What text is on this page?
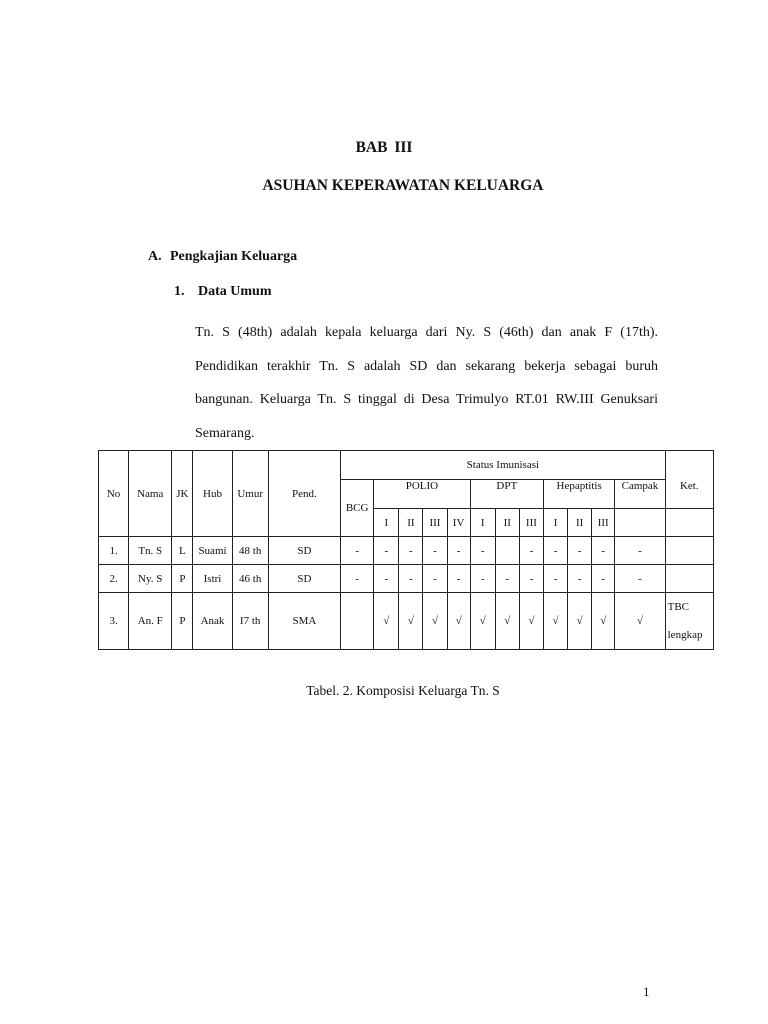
BAB III
ASUHAN KEPERAWATAN KELUARGA
A. Pengkajian Keluarga
1. Data Umum
Tn. S (48th) adalah kepala keluarga dari Ny. S (46th) dan anak F (17th). Pendidikan terakhir Tn. S adalah SD dan sekarang bekerja sebagai buruh bangunan. Keluarga Tn. S tinggal di Desa Trimulyo RT.01 RW.III Genuksari Semarang.
No	Nama	JK	Hub	Umur	Pend.	Status Imunisasi												
						BCG	POLIO				DPT			Hepaptitis			Campak	Ket.
							I	II	III	IV	I	II	III	I	II	III		
1.	Tn. S	L	Suami	48 th	SD	-	-	-	-	-	-		-	-	-	-	-	
2.	Ny. S	P	Istri	46 th	SD	-	-	-	-	-	-	-	-	-	-	-	-	
3.	An. F	P	Anak	I7 th	SMA		√	√	√	√	√	√	√	√	√	√	√	TBC lengkap
Tabel. 2. Komposisi Keluarga Tn. S
1
